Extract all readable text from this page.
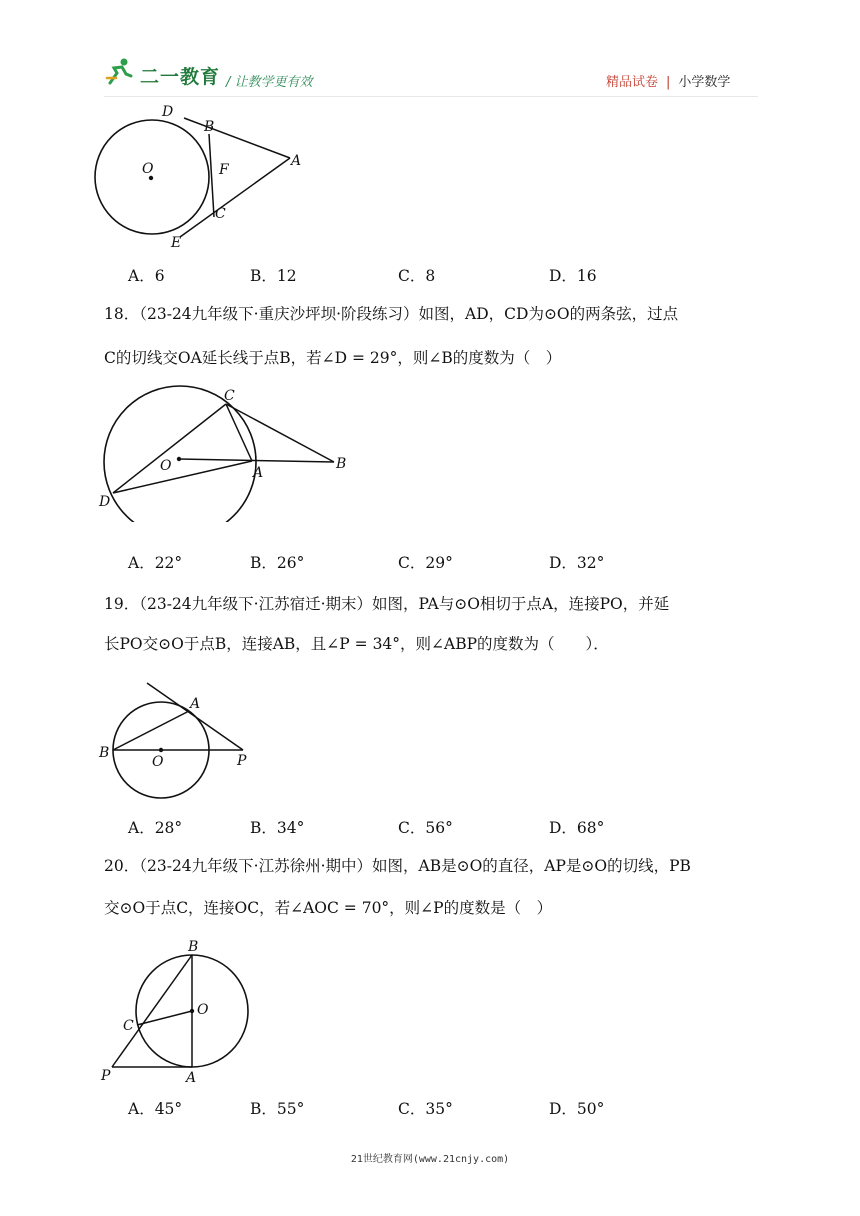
二一教育 / 让教学更有效	精品试卷 | 小学数学
D
B
O	F
A
C
E
A．6	B．12	C．8	D．16
18．（23-24九年级下·重庆沙坪坝·阶段练习）如图，AD，CD为⊙O的两条弦，过点
C的切线交OA延长线于点B，若∠D = 29°，则∠B的度数为（　）
C
O	A
B
D
A．22°	B．26°	C．29°	D．32°
19．（23-24九年级下·江苏宿迁·期末）如图，PA与⊙O相切于点A，连接PO，并延
长PO交⊙O于点B，连接AB，且∠P = 34°，则∠ABP的度数为（　　）．
A
B
O	P
A．28°	B．34°	C．56°	D．68°
20．（23-24九年级下·江苏徐州·期中）如图，AB是⊙O的直径，AP是⊙O的切线，PB
交⊙O于点C，连接OC，若∠AOC = 70°，则∠P的度数是（　）
B
O
C
P	A
A．45°	B．55°	C．35°	D．50°
21世纪教育网(www.21cnjy.com)
